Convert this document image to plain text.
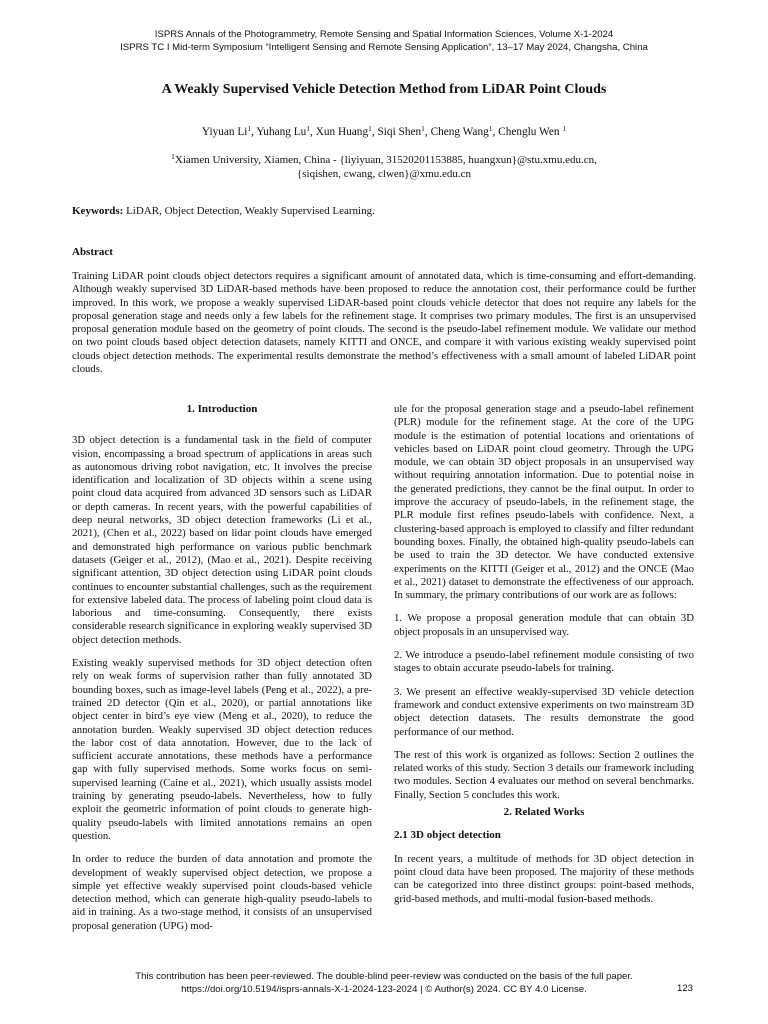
ISPRS Annals of the Photogrammetry, Remote Sensing and Spatial Information Sciences, Volume X-1-2024
ISPRS TC I Mid-term Symposium “Intelligent Sensing and Remote Sensing Application”, 13–17 May 2024, Changsha, China
A Weakly Supervised Vehicle Detection Method from LiDAR Point Clouds
Yiyuan Li$^1$, Yuhang Lu$^1$, Xun Huang$^1$, Siqi Shen$^1$, Cheng Wang$^1$, Chenglu Wen $^1$
$^1$Xiamen University, Xiamen, China - {liyiyuan, 31520201153885, huangxun}@stu.xmu.edu.cn,
{siqishen, cwang, clwen}@xmu.edu.cn
Keywords: LiDAR, Object Detection, Weakly Supervised Learning.
Abstract

Training LiDAR point clouds object detectors requires a significant amount of annotated data, which is time-consuming and effort-demanding. Although weakly supervised 3D LiDAR-based methods have been proposed to reduce the annotation cost, their performance could be further improved. In this work, we propose a weakly supervised LiDAR-based point clouds vehicle detector that does not require any labels for the proposal generation stage and needs only a few labels for the refinement stage. It comprises two primary modules. The first is an unsupervised proposal generation module based on the geometry of point clouds. The second is the pseudo-label refinement module. We validate our method on two point clouds based object detection datasets, namely KITTI and ONCE, and compare it with various existing weakly supervised point clouds object detection methods. The experimental results demonstrate the method’s effectiveness with a small amount of labeled LiDAR point clouds.

1. Introduction

3D object detection is a fundamental task in the field of computer vision, encompassing a broad spectrum of applications in areas such as autonomous driving robot navigation, etc. It involves the precise identification and localization of 3D objects within a scene using point cloud data acquired from advanced 3D sensors such as LiDAR or depth cameras. In recent years, with the powerful capabilities of deep neural networks, 3D object detection frameworks (Li et al., 2021), (Chen et al., 2022) based on lidar point clouds have emerged and demonstrated high performance on various public benchmark datasets (Geiger et al., 2012), (Mao et al., 2021). Despite receiving significant attention, 3D object detection using LiDAR point clouds continues to encounter substantial challenges, such as the requirement for extensive labeled data. The process of labeling point cloud data is laborious and time-consuming. Consequently, there exists considerable research significance in exploring weakly supervised 3D object detection methods.

Existing weakly supervised methods for 3D object detection often rely on weak forms of supervision rather than fully annotated 3D bounding boxes, such as image-level labels (Peng et al., 2022), a pre-trained 2D detector (Qin et al., 2020), or partial annotations like object center in bird’s eye view (Meng et al., 2020), to reduce the annotation burden. Weakly supervised 3D object detection reduces the labor cost of data annotation. However, due to the lack of sufficient accurate annotations, these methods have a performance gap with fully supervised methods. Some works focus on semi-supervised learning (Caine et al., 2021), which usually assists model training by generating pseudo-labels. Nevertheless, how to fully exploit the geometric information of point clouds to generate high-quality pseudo-labels with limited annotations remains an open question.

In order to reduce the burden of data annotation and promote the development of weakly supervised object detection, we propose a simple yet effective weakly supervised point clouds-based vehicle detection method, which can generate high-quality pseudo-labels to aid in training. As a two-stage method, it consists of an unsupervised proposal generation (UPG) mod-

ule for the proposal generation stage and a pseudo-label refinement (PLR) module for the refinement stage. At the core of the UPG module is the estimation of potential locations and orientations of vehicles based on LiDAR point cloud geometry. Through the UPG module, we can obtain 3D object proposals in an unsupervised way without requiring annotation information. Due to potential noise in the generated predictions, they cannot be the final output. In order to improve the accuracy of pseudo-labels, in the refinement stage, the PLR module first refines pseudo-labels with confidence. Next, a clustering-based approach is employed to classify and filter redundant bounding boxes. Finally, the obtained high-quality pseudo-labels can be used to train the 3D detector. We have conducted extensive experiments on the KITTI (Geiger et al., 2012) and the ONCE (Mao et al., 2021) dataset to demonstrate the effectiveness of our approach. In summary, the primary contributions of our work are as follows:

1. We propose a proposal generation module that can obtain 3D object proposals in an unsupervised way.

2. We introduce a pseudo-label refinement module consisting of two stages to obtain accurate pseudo-labels for training.

3. We present an effective weakly-supervised 3D vehicle detection framework and conduct extensive experiments on two mainstream 3D object detection datasets. The results demonstrate the good performance of our method.

The rest of this work is organized as follows: Section 2 outlines the related works of this study. Section 3 details our framework including two modules. Section 4 evaluates our method on several benchmarks. Finally, Section 5 concludes this work.

2. Related Works
2.1 3D object detection

In recent years, a multitude of methods for 3D object detection in point cloud data have been proposed. The majority of these methods can be categorized into three distinct groups: point-based methods, grid-based methods, and multi-modal fusion-based methods.

This contribution has been peer-reviewed. The double-blind peer-review was conducted on the basis of the full paper.
https://doi.org/10.5194/isprs-annals-X-1-2024-123-2024 | © Author(s) 2024. CC BY 4.0 License.	123
